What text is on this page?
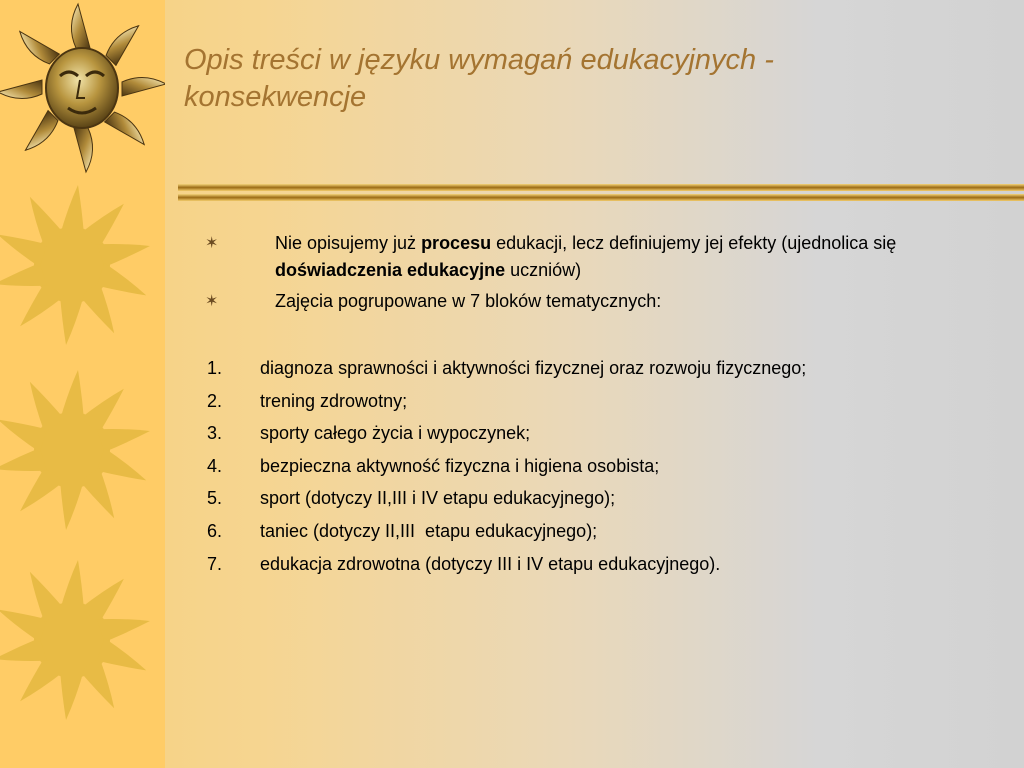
Opis treści w języku wymagań edukacyjnych - konsekwencje
✶	Nie opisujemy już procesu edukacji, lecz definiujemy jej efekty (ujednolica się doświadczenia edukacyjne uczniów)
✶	Zajęcia pogrupowane w 7 bloków tematycznych:
1. diagnoza sprawności i aktywności fizycznej oraz rozwoju fizycznego;
2. trening zdrowotny;
3. sporty całego życia i wypoczynek;
4. bezpieczna aktywność fizyczna i higiena osobista;
5. sport (dotyczy II,III i IV etapu edukacyjnego);
6. taniec (dotyczy II,III  etapu edukacyjnego);
7. edukacja zdrowotna (dotyczy III i IV etapu edukacyjnego).
